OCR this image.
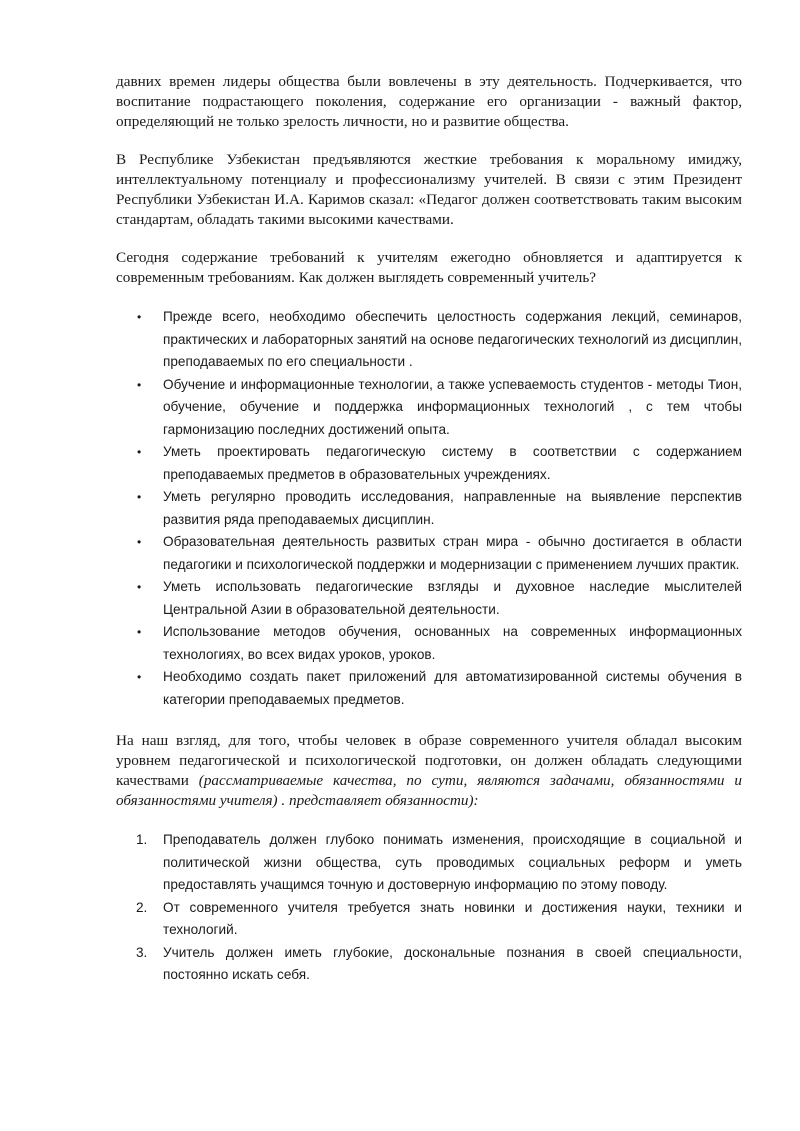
давних времен лидеры общества были вовлечены в эту деятельность. Подчеркивается, что воспитание подрастающего поколения, содержание его организации - важный фактор, определяющий не только зрелость личности, но и развитие общества.

В Республике Узбекистан предъявляются жесткие требования к моральному имиджу, интеллектуальному потенциалу и профессионализму учителей. В связи с этим Президент Республики Узбекистан И.А. Каримов сказал: «Педагог должен соответствовать таким высоким стандартам, обладать такими высокими качествами.

Сегодня содержание требований к учителям ежегодно обновляется и адаптируется к современным требованиям. Как должен выглядеть современный учитель?

• Прежде всего, необходимо обеспечить целостность содержания лекций, семинаров, практических и лабораторных занятий на основе педагогических технологий из дисциплин, преподаваемых по его специальности .
• Обучение и информационные технологии, а также успеваемость студентов - методы Тион, обучение, обучение и поддержка информационных технологий , с тем чтобы гармонизацию последних достижений опыта.
• Уметь проектировать педагогическую систему в соответствии с содержанием преподаваемых предметов в образовательных учреждениях.
• Уметь регулярно проводить исследования, направленные на выявление перспектив развития ряда преподаваемых дисциплин.
• Образовательная деятельность развитых стран мира - обычно достигается в области педагогики и психологической поддержки и модернизации с применением лучших практик.
• Уметь использовать педагогические взгляды и духовное наследие мыслителей Центральной Азии в образовательной деятельности.
• Использование методов обучения, основанных на современных информационных технологиях, во всех видах уроков, уроков.
• Необходимо создать пакет приложений для автоматизированной системы обучения в категории преподаваемых предметов.

На наш взгляд, для того, чтобы человек в образе современного учителя обладал высоким уровнем педагогической и психологической подготовки, он должен обладать следующими качествами (рассматриваемые качества, по сути, являются задачами, обязанностями и обязанностями учителя) . представляет обязанности):

1. Преподаватель должен глубоко понимать изменения, происходящие в социальной и политической жизни общества, суть проводимых социальных реформ и уметь предоставлять учащимся точную и достоверную информацию по этому поводу.
2. От современного учителя требуется знать новинки и достижения науки, техники и технологий.
3. Учитель должен иметь глубокие, доскональные познания в своей специальности, постоянно искать себя.
